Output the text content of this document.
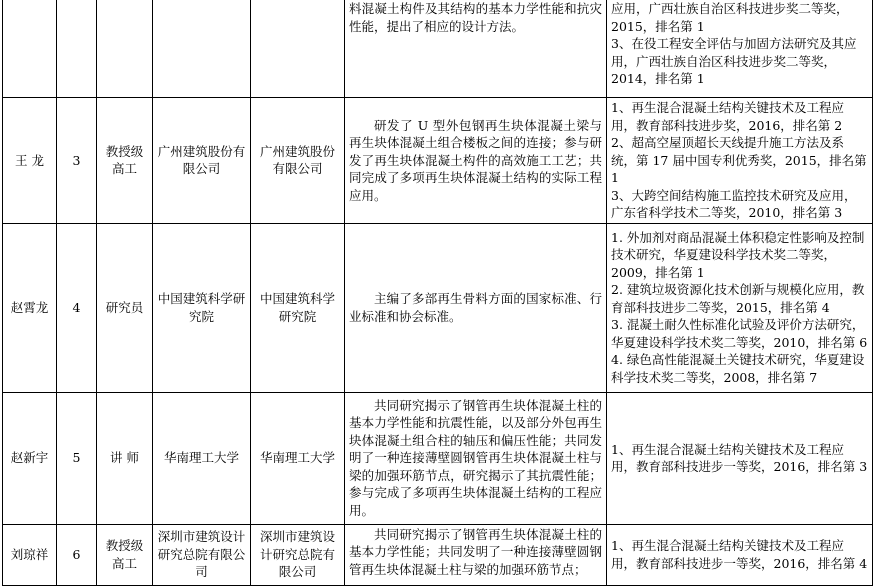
					料混凝土构件及其结构的基本力学性能和抗灾性能，提出了相应的设计方法。	应用，广西壮族自治区科技进步奖二等奖，2015，排名第 1
3、在役工程安全评估与加固方法研究及其应用，广西壮族自治区科技进步奖二等奖，2014，排名第 1

王 龙	3	教授级高工	广州建筑股份有限公司	广州建筑股份有限公司	研发了 U 型外包钢再生块体混凝土梁与再生块体混凝土组合楼板之间的连接；参与研发了再生块体混凝土构件的高效施工工艺；共同完成了多项再生块体混凝土结构的实际工程应用。	1、再生混合混凝土结构关键技术及工程应用，教育部科技进步奖，2016，排名第 2
2、超高空屋顶超长天线提升施工方法及系统，第 17 届中国专利优秀奖，2015，排名第 1
3、大跨空间结构施工监控技术研究及应用，广东省科学技术二等奖，2010，排名第 3

赵霄龙	4	研究员	中国建筑科学研究院	中国建筑科学研究院	主编了多部再生骨料方面的国家标准、行业标准和协会标准。	1. 外加剂对商品混凝土体积稳定性影响及控制技术研究，华夏建设科学技术奖二等奖，2009，排名第 1
2. 建筑垃圾资源化技术创新与规模化应用，教育部科技进步二等奖，2015，排名第 4
3. 混凝土耐久性标准化试验及评价方法研究，华夏建设科学技术奖二等奖，2010，排名第 6
4. 绿色高性能混凝土关键技术研究，华夏建设科学技术奖二等奖，2008，排名第 7

赵新宇	5	讲 师	华南理工大学	华南理工大学	共同研究揭示了钢管再生块体混凝土柱的基本力学性能和抗震性能，以及部分外包再生块体混凝土组合柱的轴压和偏压性能；共同发明了一种连接薄壁圆钢管再生块体混凝土柱与梁的加强环筋节点，研究揭示了其抗震性能；参与完成了多项再生块体混凝土结构的工程应用。	1、再生混合混凝土结构关键技术及工程应用，教育部科技进步一等奖，2016，排名第 3

刘琼祥	6	教授级高工	深圳市建筑设计研究总院有限公司	深圳市建筑设计研究总院有限公司	共同研究揭示了钢管再生块体混凝土柱的基本力学性能；共同发明了一种连接薄壁圆钢管再生块体混凝土柱与梁的加强环筋节点；	1、再生混合混凝土结构关键技术及工程应用，教育部科技进步一等奖，2016，排名第 4
